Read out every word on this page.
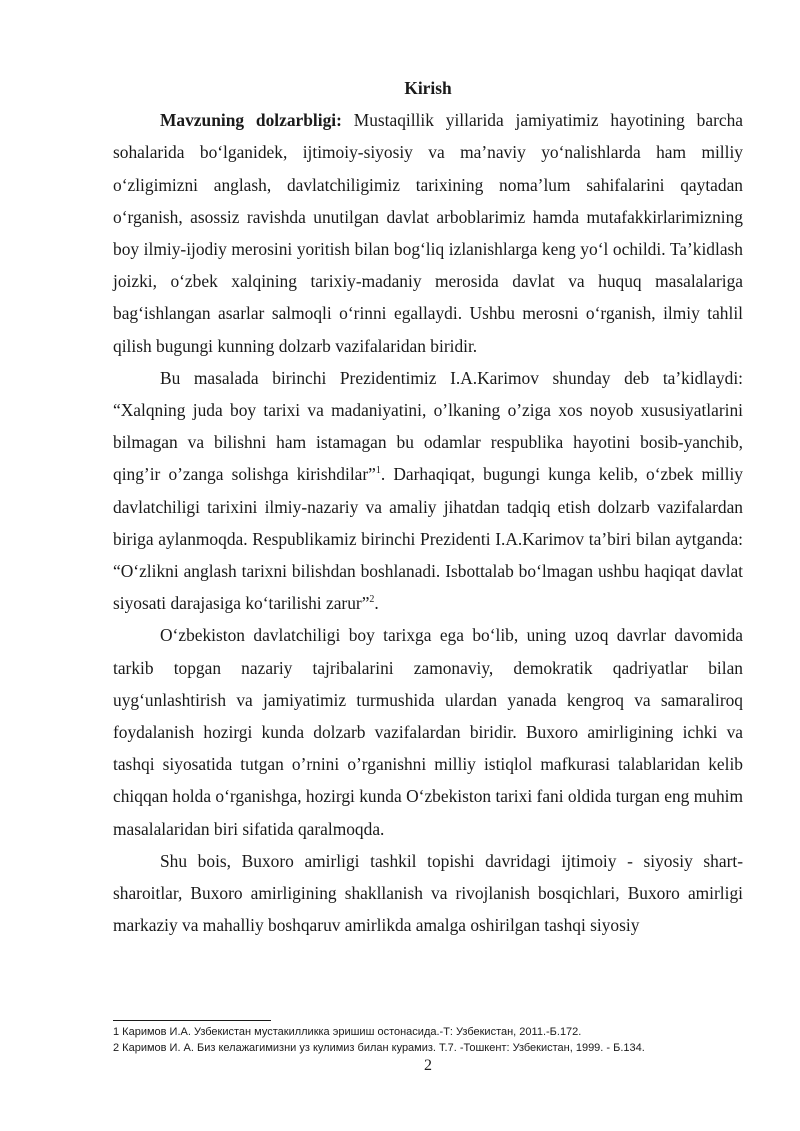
Kirish

Mavzuning dolzarbligi: Mustaqillik yillarida jamiyatimiz hayotining barcha sohalarida bo‘lganidek, ijtimoiy-siyosiy va ma’naviy yo‘nalishlarda ham milliy o‘zligimizni anglash, davlatchiligimiz tarixining noma’lum sahifalarini qaytadan o‘rganish, asossiz ravishda unutilgan davlat arboblarimiz hamda mutafakkirlarimizning boy ilmiy-ijodiy merosini yoritish bilan bog‘liq izlanishlarga keng yo‘l ochildi. Ta’kidlash joizki, o‘zbek xalqining tarixiy-madaniy merosida davlat va huquq masalalariga bag‘ishlangan asarlar salmoqli o‘rinni egallaydi. Ushbu merosni o‘rganish, ilmiy tahlil qilish bugungi kunning dolzarb vazifalaridan biridir.

Bu masalada birinchi Prezidentimiz I.A.Karimov shunday deb ta’kidlaydi: “Xalqning juda boy tarixi va madaniyatini, o’lkaning o’ziga xos noyob xususiyatlarini bilmagan va bilishni ham istamagan bu odamlar respublika hayotini bosib-yanchib, qing’ir o’zanga solishga kirishdilar”$^1$. Darhaqiqat, bugungi kunga kelib, o‘zbek milliy davlatchiligi tarixini ilmiy-nazariy va amaliy jihatdan tadqiq etish dolzarb vazifalardan biriga aylanmoqda. Respublikamiz birinchi Prezidenti I.A.Karimov ta’biri bilan aytganda: “O‘zlikni anglash tarixni bilishdan boshlanadi. Isbottalab bo‘lmagan ushbu haqiqat davlat siyosati darajasiga ko‘tarilishi zarur”$^2$.

O‘zbekiston davlatchiligi boy tarixga ega bo‘lib, uning uzoq davrlar davomida tarkib topgan nazariy tajribalarini zamonaviy, demokratik qadriyatlar bilan uyg‘unlashtirish va jamiyatimiz turmushida ulardan yanada kengroq va samaraliroq foydalanish hozirgi kunda dolzarb vazifalardan biridir. Buxoro amirligining ichki va tashqi siyosatida tutgan o’rnini o’rganishni milliy istiqlol mafkurasi talablaridan kelib chiqqan holda o‘rganishga, hozirgi kunda O‘zbekiston tarixi fani oldida turgan eng muhim masalalaridan biri sifatida qaralmoqda.

Shu bois, Buxoro amirligi tashkil topishi davridagi ijtimoiy - siyosiy shart-sharoitlar, Buxoro amirligining shakllanish va rivojlanish bosqichlari, Buxoro amirligi markaziy va mahalliy boshqaruv amirlikda amalga oshirilgan tashqi siyosiy

1 Каримов И.А. Узбекистан мустакилликка эришиш остонасида.-Т: Узбекистан, 2011.-Б.172.

2 Каримов И. А. Биз келажагимизни уз кулимиз билан курамиз. Т.7. -Тошкент: Узбекистан, 1999. - Б.134.

2
